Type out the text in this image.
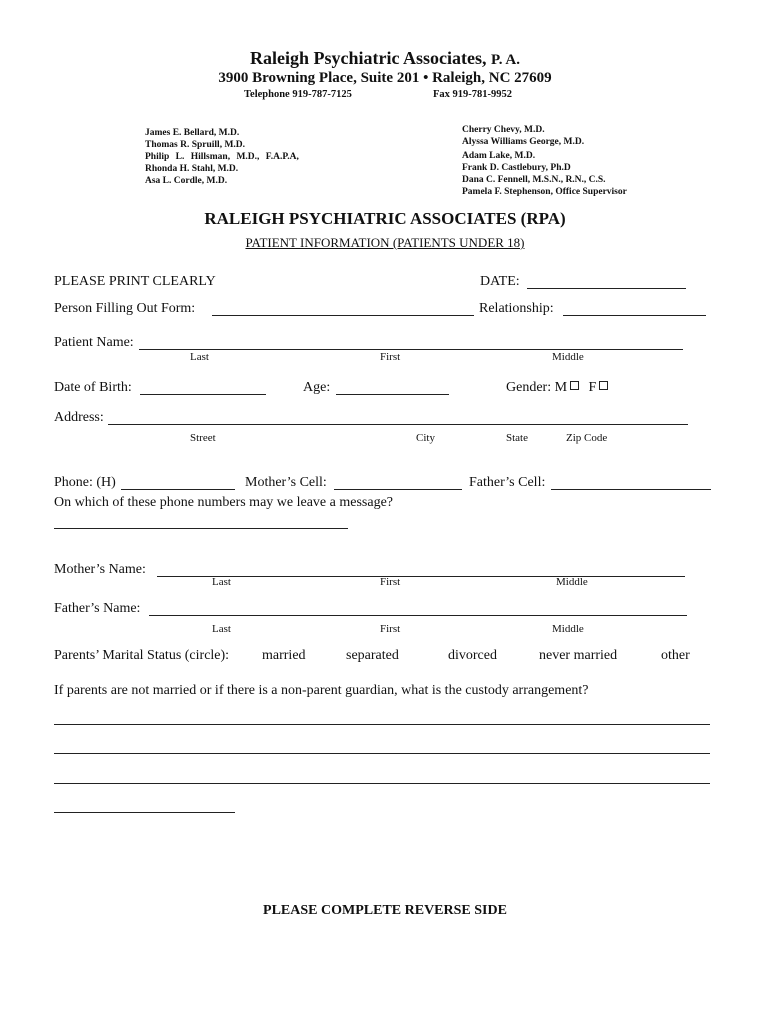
Raleigh Psychiatric Associates, P. A.
3900 Browning Place, Suite 201 • Raleigh, NC 27609
Telephone 919-787-7125	Fax 919-781-9952
James E. Bellard, M.D.
Thomas R. Spruill, M.D.
Philip L. Hillsman, M.D., F.A.P.A,
Rhonda H. Stahl, M.D.
Asa L. Cordle, M.D.
Cherry Chevy, M.D.
Alyssa Williams George, M.D.
Adam Lake, M.D.
Frank D. Castlebury, Ph.D
Dana C. Fennell, M.S.N., R.N., C.S.
Pamela F. Stephenson, Office Supervisor
RALEIGH PSYCHIATRIC ASSOCIATES (RPA)
PATIENT INFORMATION (PATIENTS UNDER 18)
PLEASE PRINT CLEARLY	DATE:
Person Filling Out Form:	Relationship:
Patient Name:
Last	First	Middle
Date of Birth:	Age:	Gender: M F
Address:
Street	City	State	Zip Code
Phone: (H)	Mother’s Cell:	Father’s Cell:
On which of these phone numbers may we leave a message?
Mother’s Name:
Last	First	Middle
Father’s Name:
Last	First	Middle
Parents’ Marital Status (circle): married	separated	divorced	never married	other
If parents are not married or if there is a non-parent guardian, what is the custody arrangement?
PLEASE COMPLETE REVERSE SIDE
